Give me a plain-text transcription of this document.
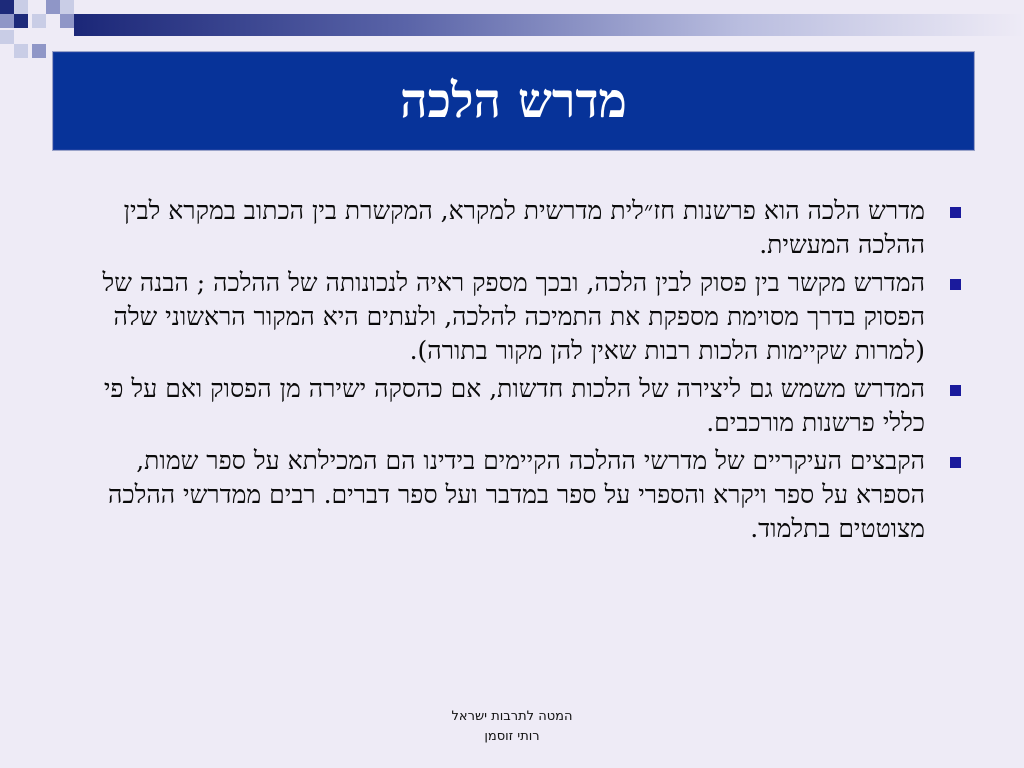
מדרש הלכה
מדרש הלכה הוא פרשנות חז״לית מדרשית למקרא, המקשרת בין הכתוב במקרא לבין ההלכה המעשית.
המדרש מקשר בין פסוק לבין הלכה, ובכך מספק ראיה לנכונותה של ההלכה ; הבנה של הפסוק בדרך מסוימת מספקת את התמיכה להלכה, ולעתים היא המקור הראשוני שלה (למרות שקיימות הלכות רבות שאין להן מקור בתורה).
המדרש משמש גם ליצירה של הלכות חדשות, אם כהסקה ישירה מן הפסוק ואם על פי כללי פרשנות מורכבים.
הקבצים העיקריים של מדרשי ההלכה הקיימים בידינו הם המכילתא על ספר שמות, הספרא על ספר ויקרא והספרי על ספר במדבר ועל ספר דברים. רבים ממדרשי ההלכה מצוטטים בתלמוד.
המטה לתרבות ישראל
רותי זוסמן
